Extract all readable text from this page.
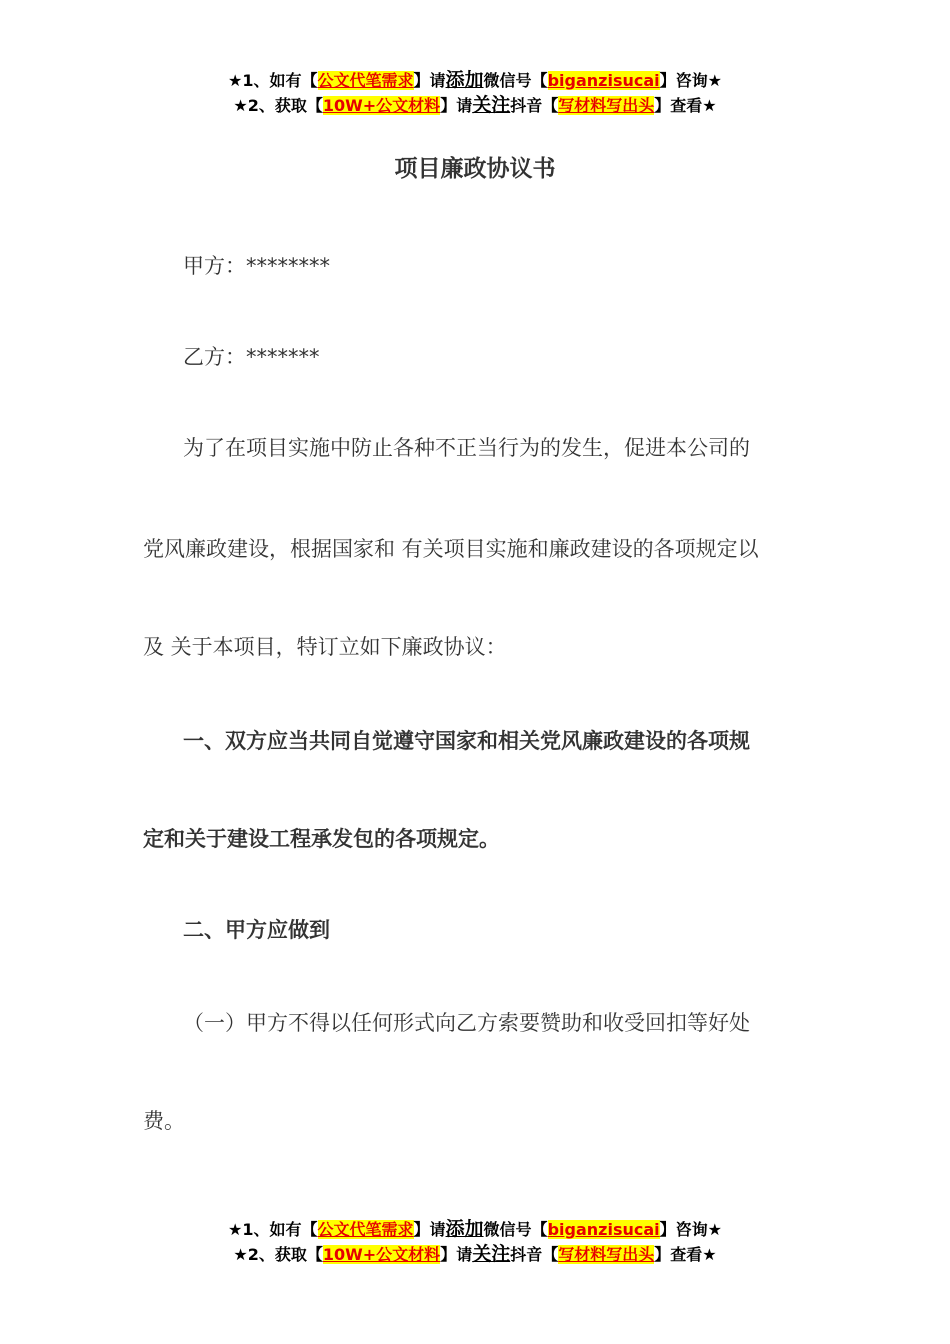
★1、如有【公文代笔需求】请添加微信号【biganzisucai】咨询★
★2、获取【10W+公文材料】请关注抖音【写材料写出头】查看★
项目廉政协议书
甲方：********
乙方：*******
为了在项目实施中防止各种不正当行为的发生，促进本公司的
党风廉政建设，根据国家和 有关项目实施和廉政建设的各项规定以
及 关于本项目，特订立如下廉政协议：
一、双方应当共同自觉遵守国家和相关党风廉政建设的各项规
定和关于建设工程承发包的各项规定。
二、甲方应做到
（一）甲方不得以任何形式向乙方索要赞助和收受回扣等好处
费。
★1、如有【公文代笔需求】请添加微信号【biganzisucai】咨询★
★2、获取【10W+公文材料】请关注抖音【写材料写出头】查看★
